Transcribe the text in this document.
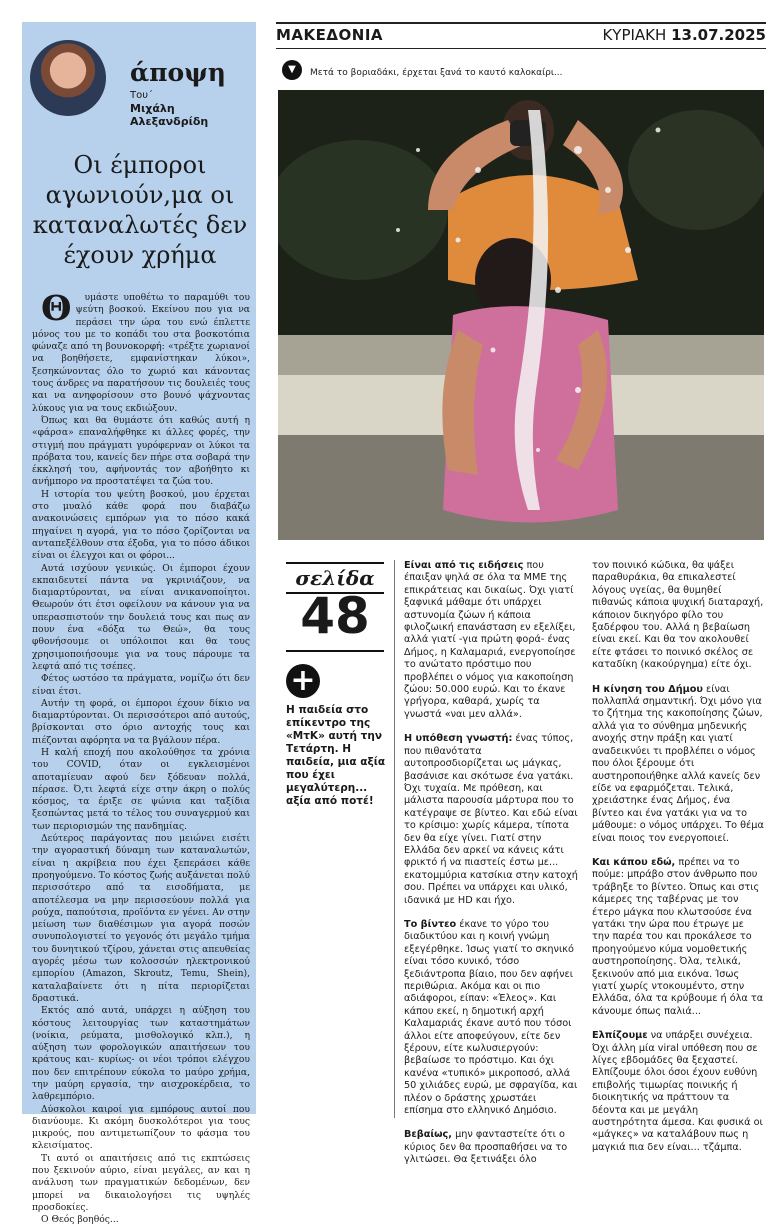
άποψη
Του΄
Μιχάλη Αλεξανδρίδη
Οι έμποροι αγωνιούν,μα οι καταναλωτές δεν έχουν χρήμα

Θυμάστε υποθέτω το παραμύθι του ψεύτη βοσκού. Εκείνου που για να περάσει την ώρα του ενώ έπλεττε μόνος του με το κοπάδι του στα βοσκοτόπια φώναζε από τη βουνοκορφή: «τρέξτε χωριανοί να βοηθήσετε, εμφανίστηκαν λύκοι», ξεσηκώνοντας όλο το χωριό και κάνοντας τους άνδρες να παρατήσουν τις δουλειές τους και να ανηφορίσουν στο βουνό ψάχνοντας λύκους για να τους εκδιώξουν.

Όπως και θα θυμάστε ότι καθώς αυτή η «φάρσα» επαναλήφθηκε κι άλλες φορές, την στιγμή που πράγματι γυρόφερναν οι λύκοι τα πρόβατα του, κανείς δεν πήρε στα σοβαρά την έκκλησή του, αφήνοντάς τον αβοήθητο κι ανήμπορο να προστατέψει τα ζώα του.

Η ιστορία του ψεύτη βοσκού, μου έρχεται στο μυαλό κάθε φορά που διαβάζω ανακοινώσεις εμπόρων για το πόσο κακά πηγαίνει η αγορά, για το πόσο ζορίζονται να ανταπεξέλθουν στα έξοδα, για το πόσο άδικοι είναι οι έλεγχοι και οι φόροι...

Αυτά ισχύουν γενικώς. Οι έμποροι έχουν εκπαιδευτεί πάντα να γκρινιάζουν, να διαμαρτύρονται, να είναι ανικανοποίητοι. Θεωρούν ότι έτσι οφείλουν να κάνουν για να υπερασπιστούν την δουλειά τους και πως αν πουν ένα «δόξα τω Θεώ», θα τους φθονήσουμε οι υπόλοιποι και θα τους χρησιμοποιήσουμε για να τους πάρουμε τα λεφτά από τις τσέπες.

Φέτος ωστόσο τα πράγματα, νομίζω ότι δεν είναι έτσι.

Αυτήν τη φορά, οι έμποροι έχουν δίκιο να διαμαρτύρονται. Οι περισσότεροι από αυτούς, βρίσκονται στο όριο αντοχής τους και πιέζονται αφόρητα να τα βγάλουν πέρα.

Η καλή εποχή που ακολούθησε τα χρόνια του COVID, όταν οι εγκλεισμένοι αποταμίευαν αφού δεν ξόδευαν πολλά, πέρασε. Ό,τι λεφτά είχε στην άκρη ο πολύς κόσμος, τα έριξε σε ψώνια και ταξίδια ξεσπώντας μετά το τέλος του συναγερμού και των περιορισμών της πανδημίας.

Δεύτερος παράγοντας που μειώνει εισέτι την αγοραστική δύναμη των καταναλωτών, είναι η ακρίβεια που έχει ξεπεράσει κάθε προηγούμενο. Το κόστος ζωής αυξάνεται πολύ περισσότερο από τα εισοδήματα, με αποτέλεσμα να μην περισσεύουν πολλά για ρούχα, παπούτσια, προϊόντα εν γένει. Αν στην μείωση των διαθέσιμων για αγορά ποσών συνυπολογιστεί το γεγονός ότι μεγάλο τμήμα του δυνητικού τζίρου, χάνεται στις απευθείας αγορές μέσω των κολοσσών ηλεκτρονικού εμπορίου (Amazon, Skroutz, Temu, Shein), καταλαβαίνετε ότι η πίτα περιορίζεται δραστικά.

Εκτός από αυτά, υπάρχει η αύξηση του κόστους λειτουργίας των καταστημάτων (νοίκια, ρεύματα, μισθολογικό κλπ.), η αύξηση των φορολογικών απαιτήσεων του κράτους και- κυρίως- οι νέοι τρόποι ελέγχου που δεν επιτρέπουν εύκολα το μαύρο χρήμα, την μαύρη εργασία, την αισχροκέρδεια, το λαθρεμπόριο.

Δύσκολοι καιροί για εμπόρους αυτοί που διανύουμε. Κι ακόμη δυσκολότεροι για τους μικρούς, που αντιμετωπίζουν το φάσμα του κλεισίματος.

Τι αυτό οι απαιτήσεις από τις εκπτώσεις που ξεκινούν αύριο, είναι μεγάλες, αν και η ανάλυση των πραγματικών δεδομένων, δεν μπορεί να δικαιολογήσει τις υψηλές προσδοκίες.

Ο Θεός βοηθός...

ΜΑΚΕΔΟΝΙΑ	ΚΥΡΙΑΚΗ 13.07.2025
▼	Μετά το βοριαδάκι, έρχεται ξανά το καυτό καλοκαίρι...
σελίδα
48
+
Η παιδεία στο επίκεντρο της «ΜτΚ» αυτή την Τετάρτη. Η παιδεία, μια αξία που έχει μεγαλύτερη... αξία από ποτέ!

Είναι από τις ειδήσεις που έπαιξαν ψηλά σε όλα τα ΜΜΕ της επικράτειας και δικαίως. Όχι γιατί ξαφνικά μάθαμε ότι υπάρχει αστυνομία ζώων ή κάποια φιλοζωική επανάσταση εν εξελίξει, αλλά γιατί -για πρώτη φορά- ένας Δήμος, η Καλαμαριά, ενεργοποίησε το ανώτατο πρόστιμο που προβλέπει ο νόμος για κακοποίηση ζώου: 50.000 ευρώ. Και το έκανε γρήγορα, καθαρά, χωρίς τα γνωστά «ναι μεν αλλά».

Η υπόθεση γνωστή: ένας τύπος, που πιθανότατα αυτοπροσδιορίζεται ως μάγκας, βασάνισε και σκότωσε ένα γατάκι. Όχι τυχαία. Με πρόθεση, και μάλιστα παρουσία μάρτυρα που το κατέγραψε σε βίντεο. Και εδώ είναι το κρίσιμο: χωρίς κάμερα, τίποτα δεν θα είχε γίνει. Γιατί στην Ελλάδα δεν αρκεί να κάνεις κάτι φρικτό ή να πιαστείς έστω με... εκατομμύρια κατσίκια στην κατοχή σου. Πρέπει να υπάρχει και υλικό, ιδανικά με HD και ήχο.

Το βίντεο έκανε το γύρο του διαδικτύου και η κοινή γνώμη εξεγέρθηκε. Ίσως γιατί το σκηνικό είναι τόσο κυνικό, τόσο ξεδιάντροπα βίαιο, που δεν αφήνει περιθώρια. Ακόμα και οι πιο αδιάφοροι, είπαν: «Έλεος». Και κάπου εκεί, η δημοτική αρχή Καλαμαριάς έκανε αυτό που τόσοι άλλοι είτε αποφεύγουν, είτε δεν ξέρουν, είτε κωλυσιεργούν: βεβαίωσε το πρόστιμο. Και όχι κανένα «τυπικό» μικροποσό, αλλά 50 χιλιάδες ευρώ, με σφραγίδα, και πλέον ο δράστης χρωστάει επίσημα στο ελληνικό Δημόσιο.

Βεβαίως, μην φανταστείτε ότι ο κύριος δεν θα προσπαθήσει να το γλιτώσει. Θα ξετινάξει όλο

τον ποινικό κώδικα, θα ψάξει παραθυράκια, θα επικαλεστεί λόγους υγείας, θα θυμηθεί πιθανώς κάποια ψυχική διαταραχή, κάποιον δικηγόρο φίλο του ξαδέρφου του. Αλλά η βεβαίωση είναι εκεί. Και θα τον ακολουθεί είτε φτάσει το ποινικό σκέλος σε καταδίκη (κακούργημα) είτε όχι.

Η κίνηση του Δήμου είναι πολλαπλά σημαντική. Όχι μόνο για το ζήτημα της κακοποίησης ζώων, αλλά για το σύνθημα μηδενικής ανοχής στην πράξη και γιατί αναδεικνύει τι προβλέπει ο νόμος που όλοι ξέρουμε ότι αυστηροποιήθηκε αλλά κανείς δεν είδε να εφαρμόζεται. Τελικά, χρειάστηκε ένας Δήμος, ένα βίντεο και ένα γατάκι για να το μάθουμε: ο νόμος υπάρχει. Το θέμα είναι ποιος τον ενεργοποιεί.

Και κάπου εδώ, πρέπει να το πούμε: μπράβο στον άνθρωπο που τράβηξε το βίντεο. Όπως και στις κάμερες της ταβέρνας με τον έτερο μάγκα που κλωτσούσε ένα γατάκι την ώρα που έτρωγε με την παρέα του και προκάλεσε το προηγούμενο κύμα νομοθετικής αυστηροποίησης. Όλα, τελικά, ξεκινούν από μια εικόνα. Ίσως γιατί χωρίς ντοκουμέντο, στην Ελλάδα, όλα τα κρύβουμε ή όλα τα κάνουμε όπως παλιά...

Ελπίζουμε να υπάρξει συνέχεια. Όχι άλλη μία viral υπόθεση που σε λίγες εβδομάδες θα ξεχαστεί. Ελπίζουμε όλοι όσοι έχουν ευθύνη επιβολής τιμωρίας ποινικής ή διοικητικής να πράττουν τα δέοντα και με μεγάλη αυστηρότητα άμεσα. Και φυσικά οι «μάγκες» να καταλάβουν πως η μαγκιά πια δεν είναι... τζάμπα.
